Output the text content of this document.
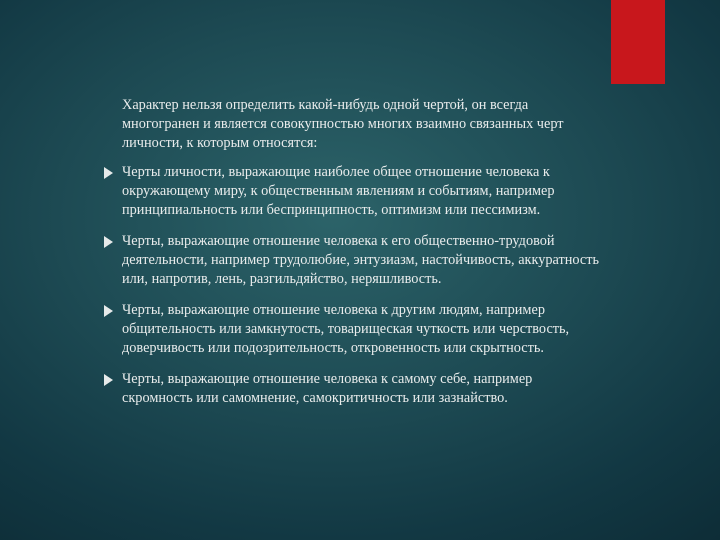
Характер нельзя определить какой-нибудь одной чертой, он всегда многогранен и является совокупностью многих взаимно связанных черт личности, к которым относятся:

Черты личности, выражающие наиболее общее отношение человека к окружающему миру, к общественным явлениям и событиям, например принципиальность или беспринципность, оптимизм или пессимизм.
Черты, выражающие отношение человека к его общественно-трудовой деятельности, например трудолюбие, энтузиазм, настойчивость, аккуратность или, напротив, лень, разгильдяйство, неряшливость.
Черты, выражающие отношение человека к другим людям, например общительность или замкнутость, товарищеская чуткость или черствость, доверчивость или подозрительность, откровенность или скрытность.
Черты, выражающие отношение человека к самому себе, например скромность или самомнение, самокритичность или зазнайство.
